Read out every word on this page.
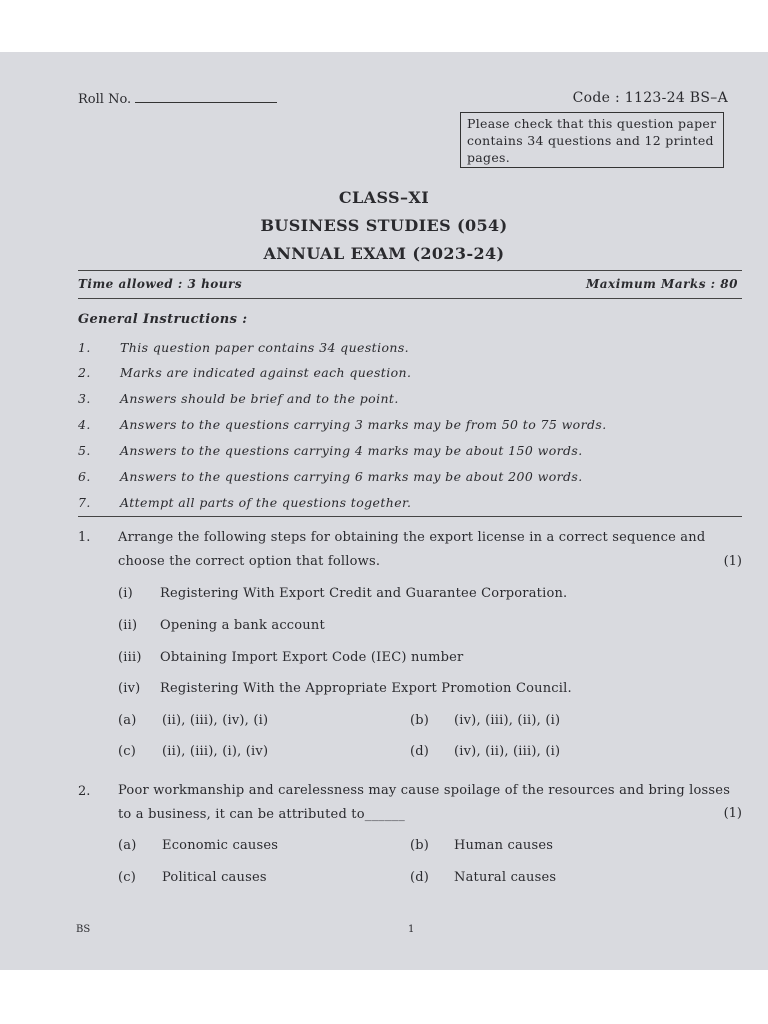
Roll No.	Code : 1123-24 BS–A
Please check that this question paper contains 34 questions and 12 printed pages.
CLASS–XI
BUSINESS STUDIES (054)
ANNUAL EXAM (2023-24)
Time allowed : 3 hours	Maximum Marks : 80
General Instructions :
1. This question paper contains 34 questions.
2. Marks are indicated against each question.
3. Answers should be brief and to the point.
4. Answers to the questions carrying 3 marks may be from 50 to 75 words.
5. Answers to the questions carrying 4 marks may be about 150 words.
6. Answers to the questions carrying 6 marks may be about 200 words.
7. Attempt all parts of the questions together.
1. Arrange the following steps for obtaining the export license in a correct sequence and choose the correct option that follows.	(1)
(i) Registering With Export Credit and Guarantee Corporation.
(ii) Opening a bank account
(iii) Obtaining Import Export Code (IEC) number
(iv) Registering With the Appropriate Export Promotion Council.
(a) (ii), (iii), (iv), (i)	(b) (iv), (iii), (ii), (i)
(c) (ii), (iii), (i), (iv)	(d) (iv), (ii), (iii), (i)
2. Poor workmanship and carelessness may cause spoilage of the resources and bring losses to a business, it can be attributed to______	(1)
(a) Economic causes	(b) Human causes
(c) Political causes	(d) Natural causes
BS	1
